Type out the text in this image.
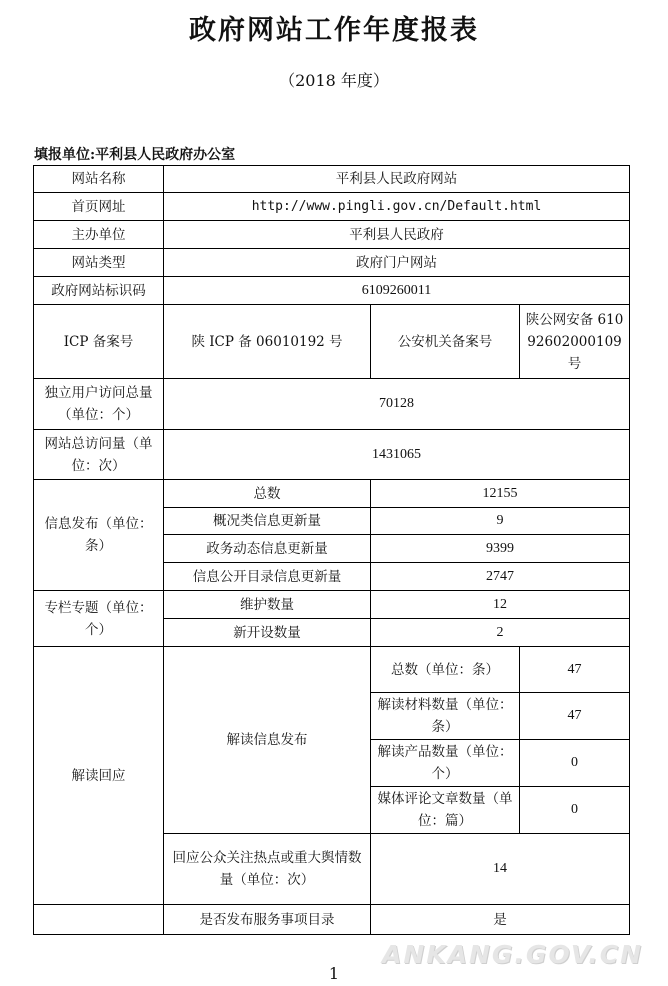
政府网站工作年度报表
（2018 年度）
填报单位:平利县人民政府办公室
网站名称	平利县人民政府网站		
首页网址	http://www.pingli.gov.cn/Default.html		
主办单位	平利县人民政府		
网站类型	政府门户网站		
政府网站标识码	6109260011		
ICP 备案号	陕 ICP 备 06010192 号	公安机关备案号	陕公网安备 61092602000109 号
独立用户访问总量（单位：个）	70128		
网站总访问量（单位：次）	1431065		
信息发布（单位：条）	总数	12155	
	概况类信息更新量	9	
	政务动态信息更新量	9399	
	信息公开目录信息更新量	2747	
专栏专题（单位：个）	维护数量	12	
	新开设数量	2	
解读回应	解读信息发布	总数（单位：条）	47
		解读材料数量（单位：条）	47
		解读产品数量（单位：个）	0
		媒体评论文章数量（单位：篇）	0
	回应公众关注热点或重大舆情数量（单位：次）	14	
	是否发布服务事项目录	是	
ANKANG.GOV.CN
1
